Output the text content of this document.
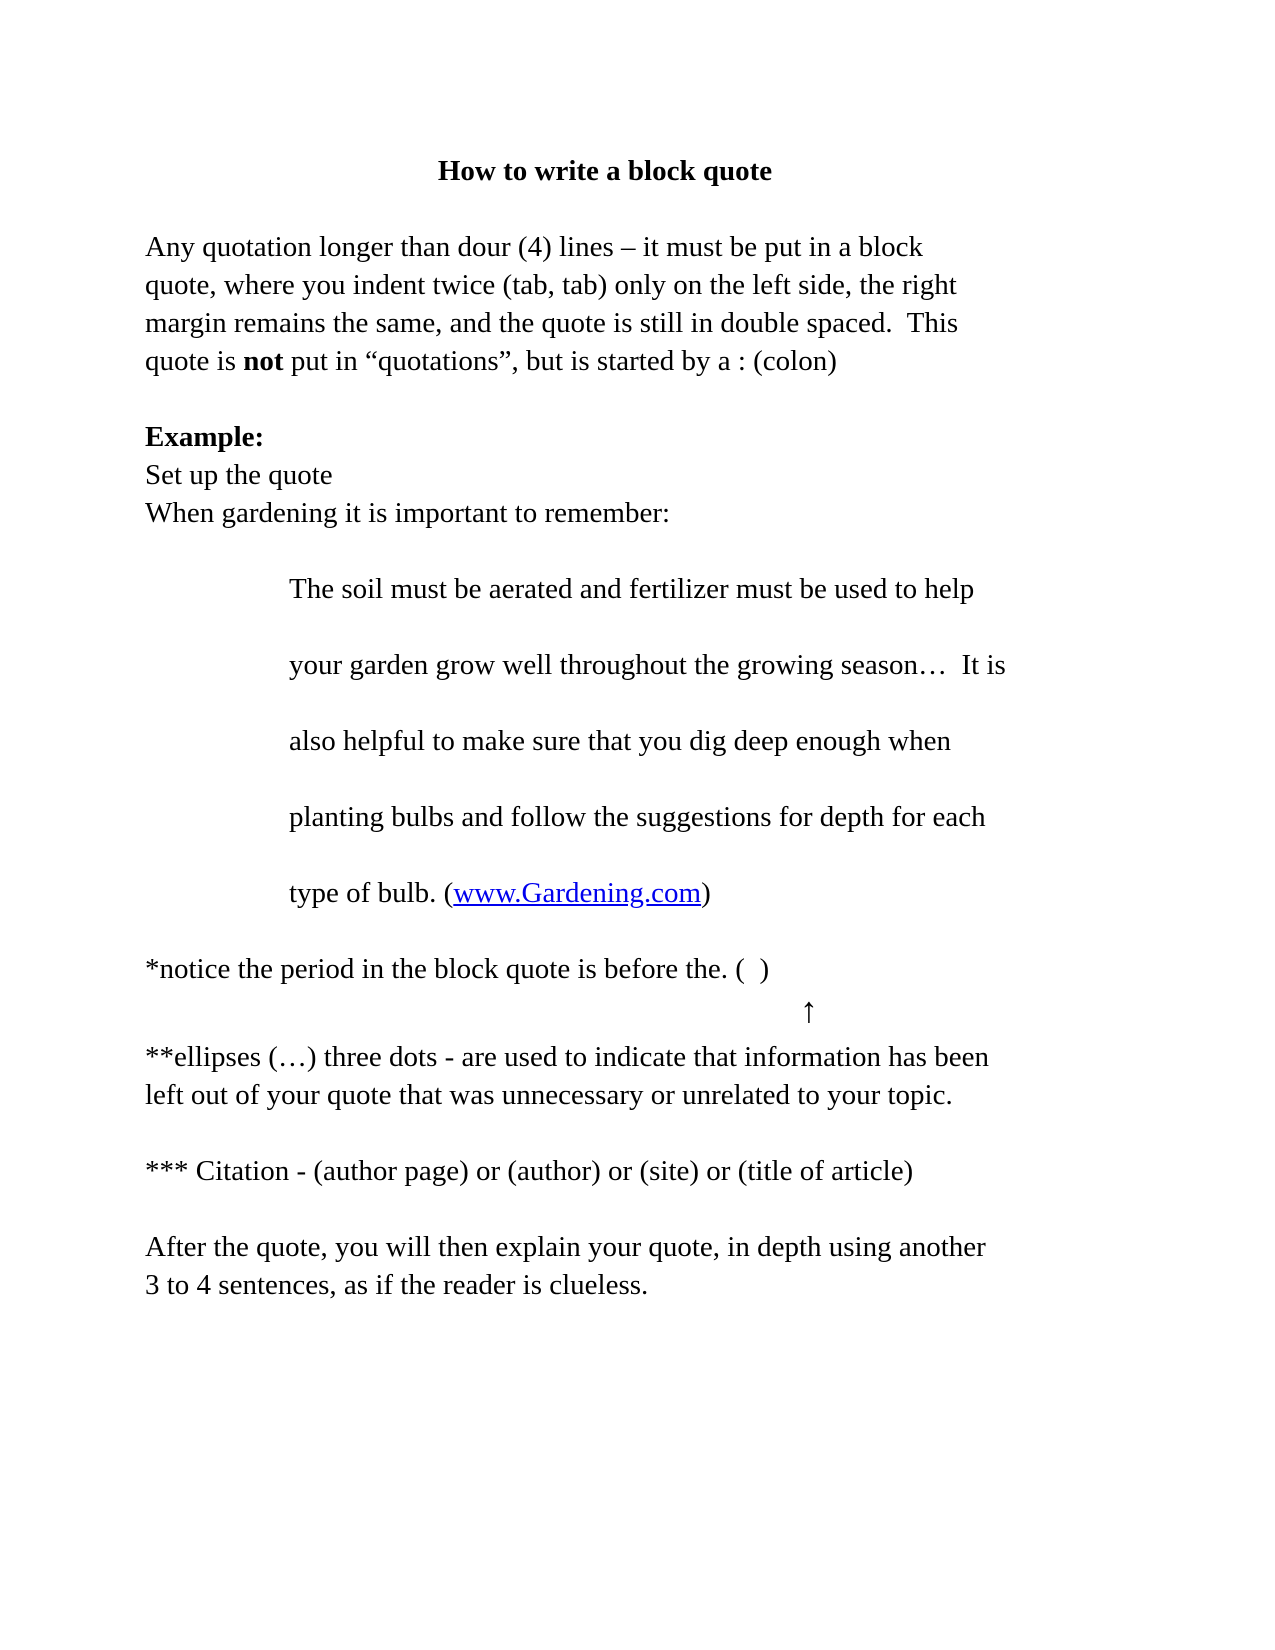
How to write a block quote
Any quotation longer than dour (4) lines – it must be put in a block
quote, where you indent twice (tab, tab) only on the left side, the right
margin remains the same, and the quote is still in double spaced.  This
quote is not put in “quotations”, but is started by a : (colon)
Example:
Set up the quote
When gardening it is important to remember:
The soil must be aerated and fertilizer must be used to help
your garden grow well throughout the growing season…  It is
also helpful to make sure that you dig deep enough when
planting bulbs and follow the suggestions for depth for each
type of bulb. (www.Gardening.com)
*notice the period in the block quote is before the. (  )
↑
**ellipses (…) three dots - are used to indicate that information has been
left out of your quote that was unnecessary or unrelated to your topic.
*** Citation - (author page) or (author) or (site) or (title of article)
After the quote, you will then explain your quote, in depth using another
3 to 4 sentences, as if the reader is clueless.
